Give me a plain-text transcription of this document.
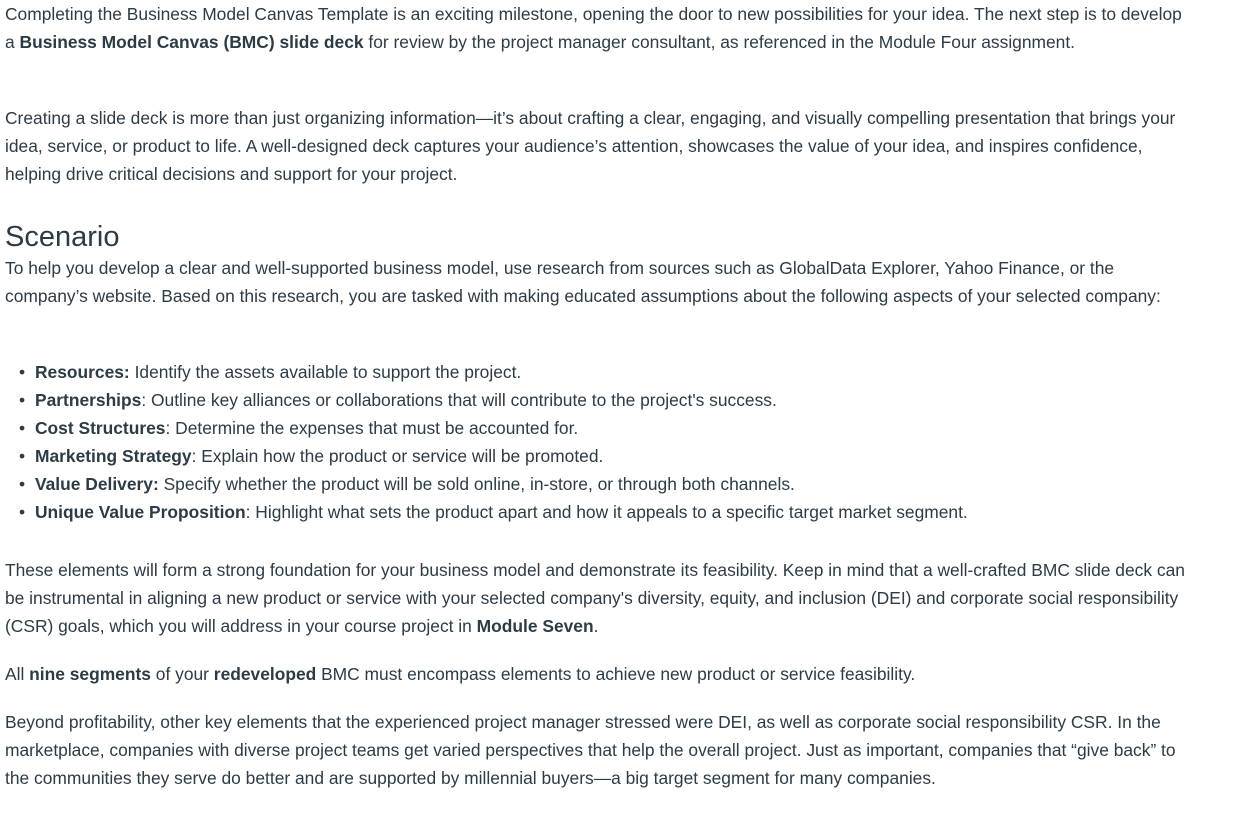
Completing the Business Model Canvas Template is an exciting milestone, opening the door to new possibilities for your idea. The next step is to develop a Business Model Canvas (BMC) slide deck for review by the project manager consultant, as referenced in the Module Four assignment.

Creating a slide deck is more than just organizing information—it’s about crafting a clear, engaging, and visually compelling presentation that brings your idea, service, or product to life. A well-designed deck captures your audience’s attention, showcases the value of your idea, and inspires confidence, helping drive critical decisions and support for your project.

Scenario

To help you develop a clear and well-supported business model, use research from sources such as GlobalData Explorer, Yahoo Finance, or the company’s website. Based on this research, you are tasked with making educated assumptions about the following aspects of your selected company:

• Resources: Identify the assets available to support the project.
• Partnerships: Outline key alliances or collaborations that will contribute to the project's success.
• Cost Structures: Determine the expenses that must be accounted for.
• Marketing Strategy: Explain how the product or service will be promoted.
• Value Delivery: Specify whether the product will be sold online, in-store, or through both channels.
• Unique Value Proposition: Highlight what sets the product apart and how it appeals to a specific target market segment.

These elements will form a strong foundation for your business model and demonstrate its feasibility. Keep in mind that a well-crafted BMC slide deck can be instrumental in aligning a new product or service with your selected company's diversity, equity, and inclusion (DEI) and corporate social responsibility (CSR) goals, which you will address in your course project in Module Seven.

All nine segments of your redeveloped BMC must encompass elements to achieve new product or service feasibility.

Beyond profitability, other key elements that the experienced project manager stressed were DEI, as well as corporate social responsibility CSR. In the marketplace, companies with diverse project teams get varied perspectives that help the overall project. Just as important, companies that “give back” to the communities they serve do better and are supported by millennial buyers—a big target segment for many companies.
